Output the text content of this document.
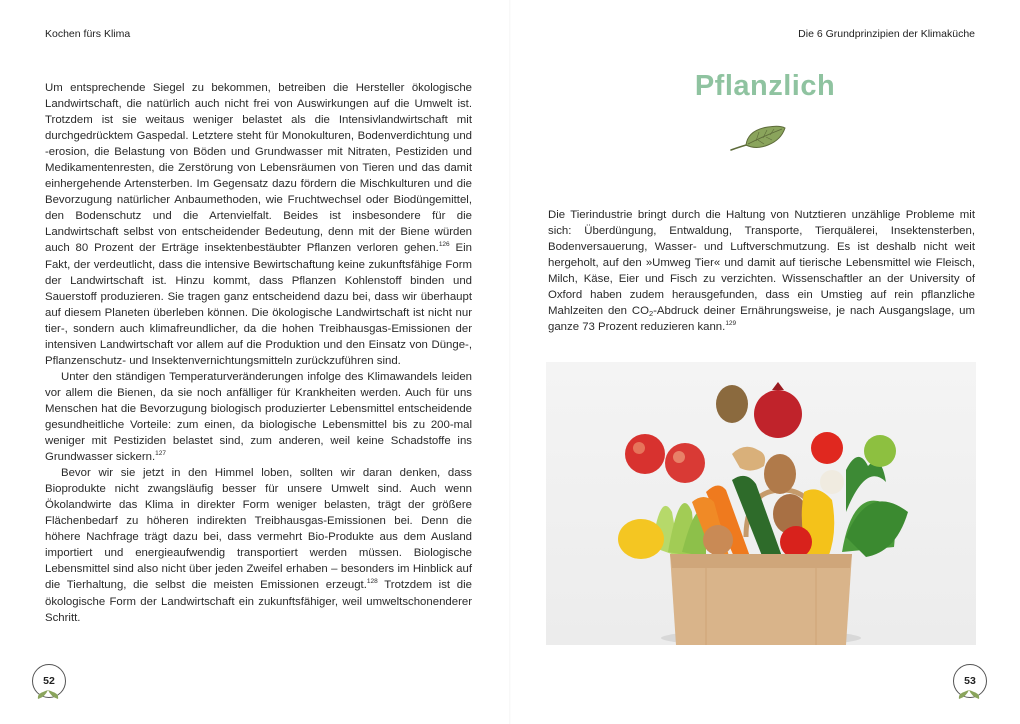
Kochen fürs Klima

Um entsprechende Siegel zu bekommen, betreiben die Hersteller ökologische Landwirtschaft, die natürlich auch nicht frei von Auswirkungen auf die Umwelt ist. Trotzdem ist sie weitaus weniger belastet als die Intensivlandwirtschaft mit durchgedrücktem Gaspedal. Letztere steht für Monokulturen, Bodenverdichtung und -erosion, die Belastung von Böden und Grundwasser mit Nitraten, Pestiziden und Medikamentenresten, die Zerstörung von Lebensräumen von Tieren und das damit einhergehende Artensterben. Im Gegensatz dazu fördern die Mischkulturen und die Bevorzugung natürlicher Anbaumethoden, wie Fruchtwechsel oder Biodüngemittel, den Bodenschutz und die Artenvielfalt. Beides ist insbesondere für die Landwirtschaft selbst von entscheidender Bedeutung, denn mit der Biene würden auch 80 Prozent der Erträge insektenbestäubter Pflanzen verloren gehen.$^{126}$ Ein Fakt, der verdeutlicht, dass die intensive Bewirtschaftung keine zukunftsfähige Form der Landwirtschaft ist. Hinzu kommt, dass Pflanzen Kohlenstoff binden und Sauerstoff produzieren. Sie tragen ganz entscheidend dazu bei, dass wir überhaupt auf diesem Planeten überleben können. Die ökologische Landwirtschaft ist nicht nur tier-, sondern auch klimafreundlicher, da die hohen Treibhausgas-Emissionen der intensiven Landwirtschaft vor allem auf die Produktion und den Einsatz von Dünge-, Pflanzenschutz- und Insektenvernichtungsmitteln zurückzuführen sind.

Unter den ständigen Temperaturveränderungen infolge des Klimawandels leiden vor allem die Bienen, da sie noch anfälliger für Krankheiten werden. Auch für uns Menschen hat die Bevorzugung biologisch produzierter Lebensmittel entscheidende gesundheitliche Vorteile: zum einen, da biologische Lebensmittel bis zu 200-mal weniger mit Pestiziden belastet sind, zum anderen, weil keine Schadstoffe ins Grundwasser sickern.$^{127}$

Bevor wir sie jetzt in den Himmel loben, sollten wir daran denken, dass Bioprodukte nicht zwangsläufig besser für unsere Umwelt sind. Auch wenn Ökolandwirte das Klima in direkter Form weniger belasten, trägt der größere Flächenbedarf zu höheren indirekten Treibhausgas-Emissionen bei. Denn die höhere Nachfrage trägt dazu bei, dass vermehrt Bio-Produkte aus dem Ausland importiert und energieaufwendig transportiert werden müssen. Biologische Lebensmittel sind also nicht über jeden Zweifel erhaben – besonders im Hinblick auf die Tierhaltung, die selbst die meisten Emissionen erzeugt.$^{128}$ Trotzdem ist die ökologische Form der Landwirtschaft ein zukunftsfähiger, weil umweltschonenderer Schritt.

52
Die 6 Grundprinzipien der Klimaküche
Pflanzlich

Die Tierindustrie bringt durch die Haltung von Nutztieren unzählige Probleme mit sich: Überdüngung, Entwaldung, Transporte, Tierquälerei, Insektensterben, Bodenversauerung, Wasser- und Luftverschmutzung. Es ist deshalb nicht weit hergeholt, auf den »Umweg Tier« und damit auf tierische Lebensmittel wie Fleisch, Milch, Käse, Eier und Fisch zu verzichten. Wissenschaftler an der University of Oxford haben zudem herausgefunden, dass ein Umstieg auf rein pflanzliche Mahlzeiten den $CO_2$-Abdruck deiner Ernährungsweise, je nach Ausgangslage, um ganze 73 Prozent reduzieren kann.$^{129}$

53
